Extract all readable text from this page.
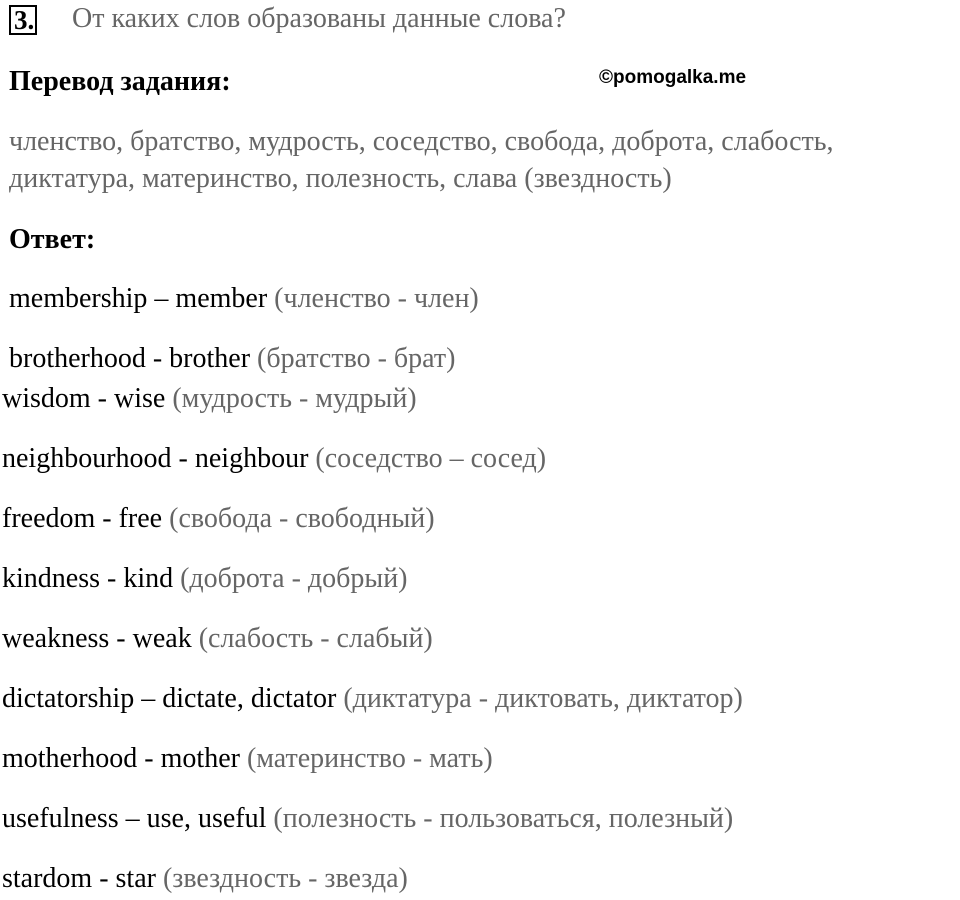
3. От каких слов образованы данные слова?
Перевод задания:	©pomogalka.me
членство, братство, мудрость, соседство, свобода, доброта, слабость,
диктатура, материнство, полезность, слава (звездность)
Ответ:
membership – member (членство - член)
brotherhood - brother (братство - брат)
wisdom - wise (мудрость - мудрый)
neighbourhood - neighbour (соседство – сосед)
freedom - free (свобода - свободный)
kindness - kind (доброта - добрый)
weakness - weak (слабость - слабый)
dictatorship – dictate, dictator (диктатура - диктовать, диктатор)
motherhood - mother (материнство - мать)
usefulness – use, useful (полезность - пользоваться, полезный)
stardom - star (звездность - звезда)
